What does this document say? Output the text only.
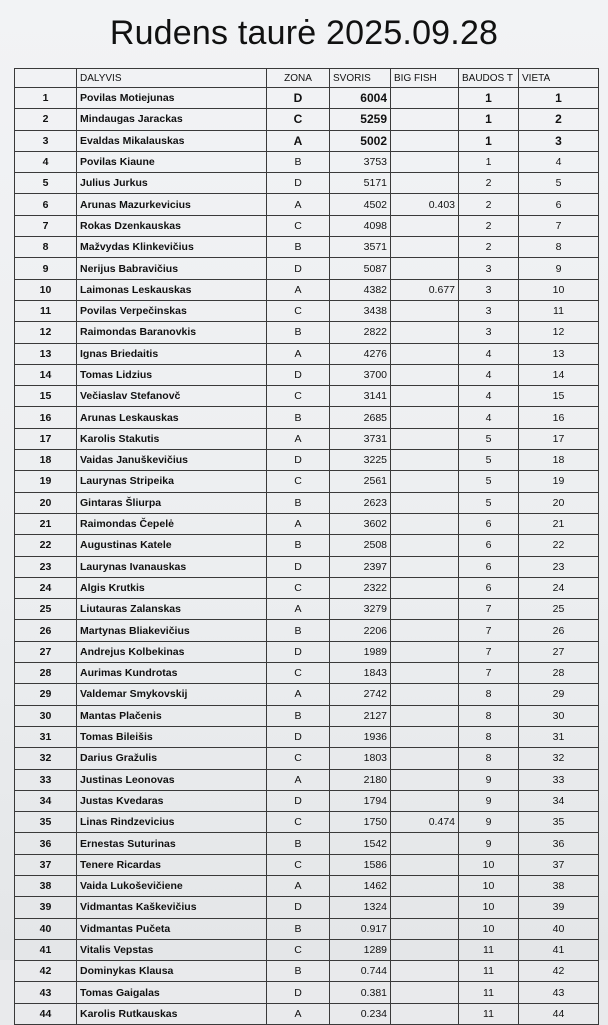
Rudens taurė 2025.09.28
	DALYVIS	ZONA	SVORIS	BIG FISH	BAUDOS T	VIETA
1	Povilas Motiejunas	D	6004		1	1
2	Mindaugas Jarackas	C	5259		1	2
3	Evaldas Mikalauskas	A	5002		1	3
4	Povilas Kiaune	B	3753		1	4
5	Julius Jurkus	D	5171		2	5
6	Arunas Mazurkevicius	A	4502	0.403	2	6
7	Rokas Dzenkauskas	C	4098		2	7
8	Mažvydas Klinkevičius	B	3571		2	8
9	Nerijus Babravičius	D	5087		3	9
10	Laimonas Leskauskas	A	4382	0.677	3	10
11	Povilas Verpečinskas	C	3438		3	11
12	Raimondas Baranovkis	B	2822		3	12
13	Ignas Briedaitis	A	4276		4	13
14	Tomas Lidzius	D	3700		4	14
15	Večiaslav Stefanovč	C	3141		4	15
16	Arunas Leskauskas	B	2685		4	16
17	Karolis Stakutis	A	3731		5	17
18	Vaidas Januškevičius	D	3225		5	18
19	Laurynas Stripeika	C	2561		5	19
20	Gintaras Šliurpa	B	2623		5	20
21	Raimondas Čepelė	A	3602		6	21
22	Augustinas Katele	B	2508		6	22
23	Laurynas Ivanauskas	D	2397		6	23
24	Algis Krutkis	C	2322		6	24
25	Liutauras Zalanskas	A	3279		7	25
26	Martynas Bliakevičius	B	2206		7	26
27	Andrejus Kolbekinas	D	1989		7	27
28	Aurimas Kundrotas	C	1843		7	28
29	Valdemar Smykovskij	A	2742		8	29
30	Mantas Plačenis	B	2127		8	30
31	Tomas Bileišis	D	1936		8	31
32	Darius Gražulis	C	1803		8	32
33	Justinas Leonovas	A	2180		9	33
34	Justas Kvedaras	D	1794		9	34
35	Linas Rindzevicius	C	1750	0.474	9	35
36	Ernestas Suturinas	B	1542		9	36
37	Tenere Ricardas	C	1586		10	37
38	Vaida Lukoševičiene	A	1462		10	38
39	Vidmantas Kaškevičius	D	1324		10	39
40	Vidmantas Pučeta	B	0.917		10	40
41	Vitalis Vepstas	C	1289		11	41
42	Dominykas Klausa	B	0.744		11	42
43	Tomas Gaigalas	D	0.381		11	43
44	Karolis Rutkauskas	A	0.234		11	44
